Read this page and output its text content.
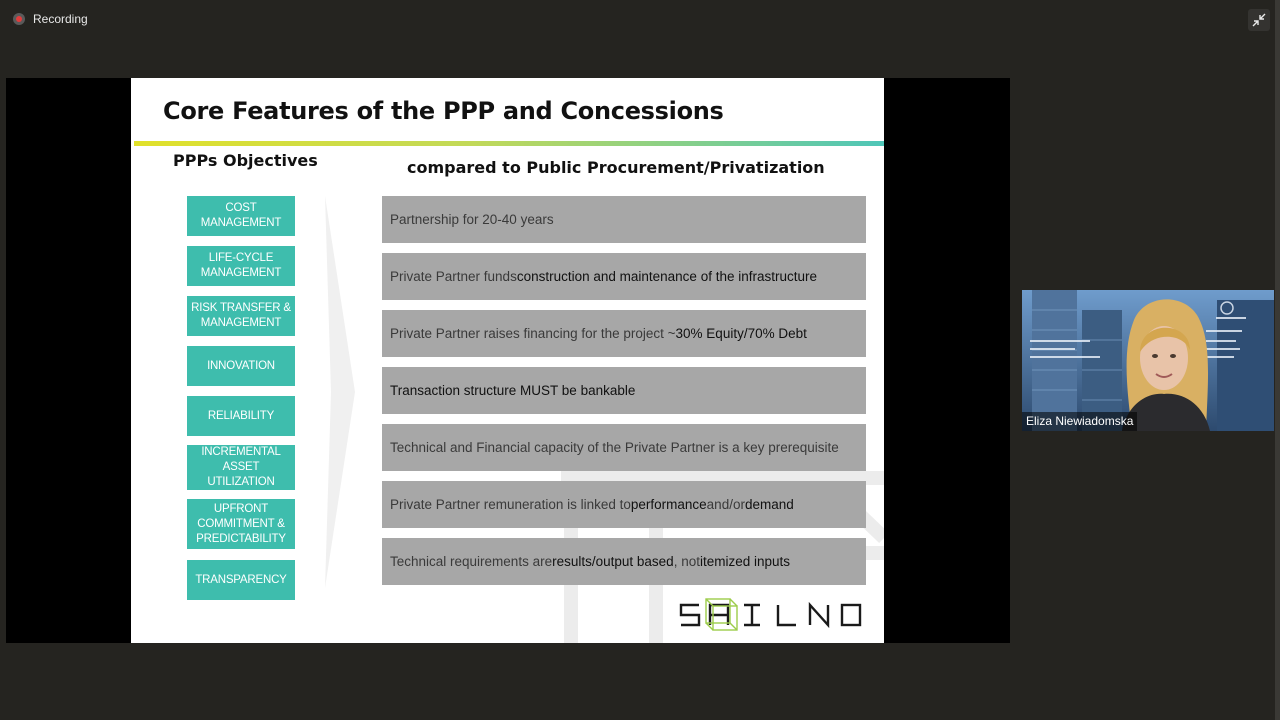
Recording
Core Features of the PPP and Concessions
PPPs Objectives	compared to Public Procurement/Privatization
COST
MANAGEMENT
LIFE-CYCLE
MANAGEMENT
RISK TRANSFER &
MANAGEMENT
INNOVATION
RELIABILITY
INCREMENTAL
ASSET
UTILIZATION
UPFRONT
COMMITMENT &
PREDICTABILITY
TRANSPARENCY
Partnership for 20-40 years
Private Partner funds construction and maintenance of the infrastructure
Private Partner raises financing for the project ~ 30% Equity/70% Debt
Transaction structure MUST be bankable
Technical and Financial capacity of the Private Partner is a key prerequisite
Private Partner remuneration is linked to performance and/or demand
Technical requirements are results/output based , not itemized inputs
Eliza Niewiadomska
